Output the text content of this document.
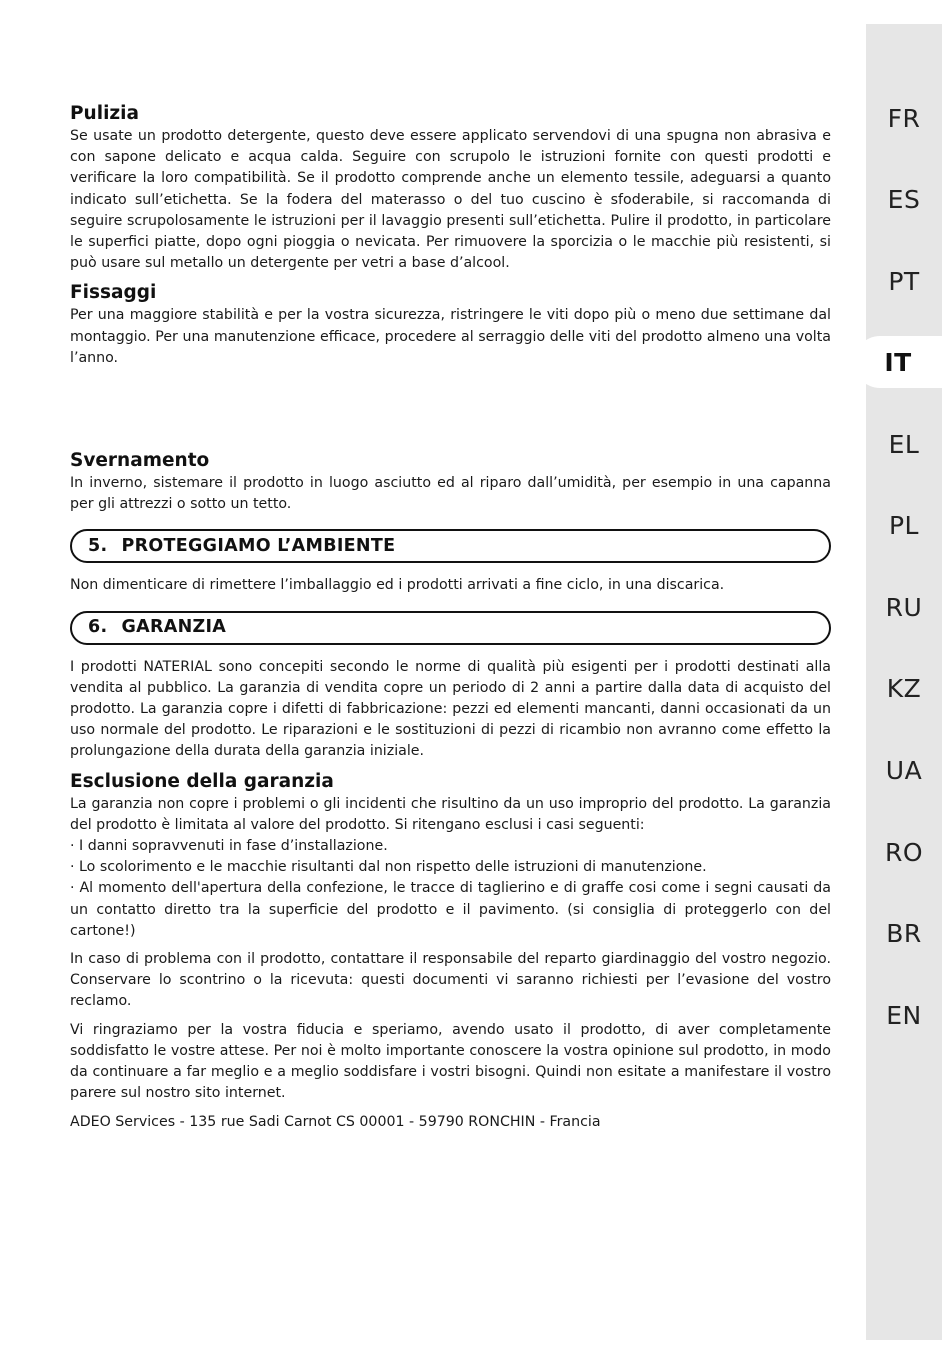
Pulizia

Se usate un prodotto detergente, questo deve essere applicato servendovi di una spugna non abrasiva e con sapone delicato e acqua calda. Seguire con scrupolo le istruzioni fornite con questi prodotti e verificare la loro compatibilità. Se il prodotto comprende anche un elemento tessile, adeguarsi a quanto indicato sull’etichetta. Se la fodera del materasso o del tuo cuscino è sfoderabile, si raccomanda di seguire scrupolosamente le istruzioni per il lavaggio presenti sull’etichetta. Pulire il prodotto, in particolare le superfici piatte, dopo ogni pioggia o nevicata. Per rimuovere la sporcizia o le macchie più resistenti, si può usare sul metallo un detergente per vetri a base d’alcool.

Fissaggi

Per una maggiore stabilità e per la vostra sicurezza, ristringere le viti dopo più o meno due settimane dal montaggio. Per una manutenzione efficace, procedere al serraggio delle viti del prodotto almeno una volta l’anno.

Svernamento

In inverno, sistemare il prodotto in luogo asciutto ed al riparo dall’umidità, per esempio in una capanna per gli attrezzi o sotto un tetto.

5. PROTEGGIAMO L’AMBIENTE

Non dimenticare di rimettere l’imballaggio ed i prodotti arrivati a fine ciclo, in una discarica.

6. GARANZIA

I prodotti NATERIAL sono concepiti secondo le norme di qualità più esigenti per i prodotti destinati alla vendita al pubblico. La garanzia di vendita copre un periodo di 2 anni a partire dalla data di acquisto del prodotto. La garanzia copre i difetti di fabbricazione: pezzi ed elementi mancanti, danni occasionati da un uso normale del prodotto. Le riparazioni e le sostituzioni di pezzi di ricambio non avranno come effetto la prolungazione della durata della garanzia iniziale.

Esclusione della garanzia

La garanzia non copre i problemi o gli incidenti che risultino da un uso improprio del prodotto. La garanzia del prodotto è limitata al valore del prodotto. Si ritengano esclusi i casi seguenti:

· I danni sopravvenuti in fase d’installazione.

· Lo scolorimento e le macchie risultanti dal non rispetto delle istruzioni di manutenzione.

· Al momento dell'apertura della confezione, le tracce di taglierino e di graffe cosi come i segni causati da un contatto diretto tra la superficie del prodotto e il pavimento. (si consiglia di proteggerlo con del cartone!)

In caso di problema con il prodotto, contattare il responsabile del reparto giardinaggio del vostro negozio. Conservare lo scontrino o la ricevuta: questi documenti vi saranno richiesti per l’evasione del vostro reclamo.

Vi ringraziamo per la vostra fiducia e speriamo, avendo usato il prodotto, di aver completamente soddisfatto le vostre attese. Per noi è molto importante conoscere la vostra opinione sul prodotto, in modo da continuare a far meglio e a meglio soddisfare i vostri bisogni. Quindi non esitate a manifestare il vostro parere sul nostro sito internet.

ADEO Services - 135 rue Sadi Carnot CS 00001 - 59790 RONCHIN - Francia

FR
ES
PT
IT
EL
PL
RU
KZ
UA
RO
BR
EN
